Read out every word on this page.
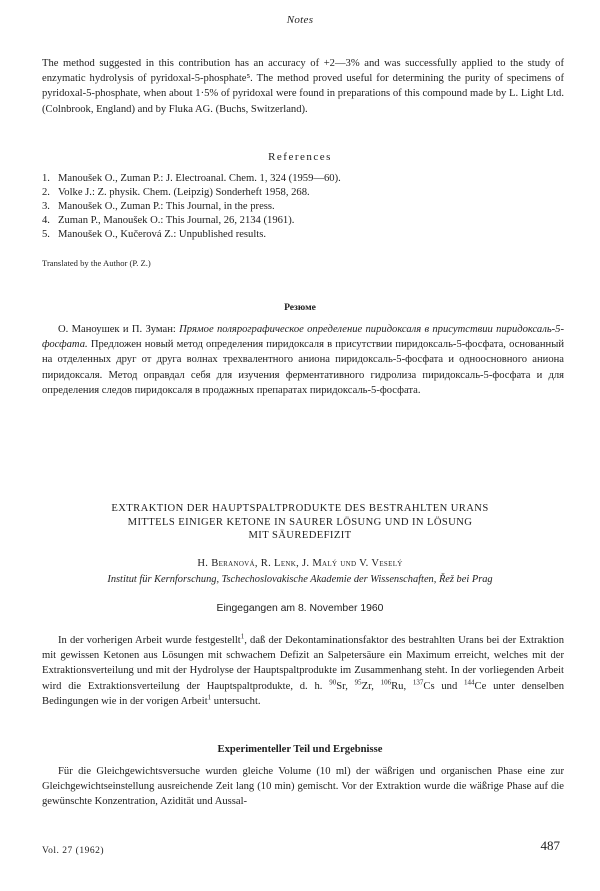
Notes
The method suggested in this contribution has an accuracy of +2—3% and was successfully applied to the study of enzymatic hydrolysis of pyridoxal-5-phosphate⁵. The method proved useful for determining the purity of specimens of pyridoxal-5-phosphate, when about 1·5% of pyridoxal were found in preparations of this compound made by L. Light Ltd. (Colnbrook, England) and by Fluka AG. (Buchs, Switzerland).
References
1. Manoušek O., Zuman P.: J. Electroanal. Chem. 1, 324 (1959—60).
2. Volke J.: Z. physik. Chem. (Leipzig) Sonderheft 1958, 268.
3. Manoušek O., Zuman P.: This Journal, in the press.
4. Zuman P., Manoušek O.: This Journal, 26, 2134 (1961).
5. Manoušek O., Kučerová Z.: Unpublished results.
Translated by the Author (P. Z.)
Резюме
О. Маноушек и П. Зуман: Прямое полярографическое определение пиридоксаля в присутствии пиридоксаль-5-фосфата. Предложен новый метод определения пиридоксаля в присутствии пиридоксаль-5-фосфата, основанный на отделенных друг от друга волнах трехвалентного аниона пиридоксаль-5-фосфата и одноосновного аниона пиридоксаля. Метод оправдал себя для изучения ферментативного гидролиза пиридоксаль-5-фосфата и для определения следов пиридоксаля в продажных препаратах пиридоксаль-5-фосфата.
EXTRAKTION DER HAUPTSPALTPRODUKTE DES BESTRAHLTEN URANS
MITTELS EINIGER KETONE IN SAURER LÖSUNG UND IN LÖSUNG
MIT SÄUREDEFIZIT
H. Beranová, R. Lenk, J. Malý und V. Veselý
Institut für Kernforschung, Tschechoslovakische Akademie der Wissenschaften, Řež bei Prag
Eingegangen am 8. November 1960
In der vorherigen Arbeit wurde festgestellt$^1$, daß der Dekontaminationsfaktor des bestrahlten Urans bei der Extraktion mit gewissen Ketonen aus Lösungen mit schwachem Defizit an Salpetersäure ein Maximum erreicht, welches mit der Extraktionsverteilung und mit der Hydrolyse der Hauptspaltprodukte im Zusammenhang steht. In der vorliegenden Arbeit wird die Extraktionsverteilung der Hauptspaltprodukte, d. h. $^{90}$Sr, $^{95}$Zr, $^{106}$Ru, $^{137}$Cs und $^{144}$Ce unter denselben Bedingungen wie in der vorigen Arbeit$^1$ untersucht.
Experimenteller Teil und Ergebnisse
Für die Gleichgewichtsversuche wurden gleiche Volume (10 ml) der wäßrigen und organischen Phase eine zur Gleichgewichtseinstellung ausreichende Zeit lang (10 min) gemischt. Vor der Extraktion wurde die wäßrige Phase auf die gewünschte Konzentration, Azidität und Aussal-
Vol. 27 (1962)	487
